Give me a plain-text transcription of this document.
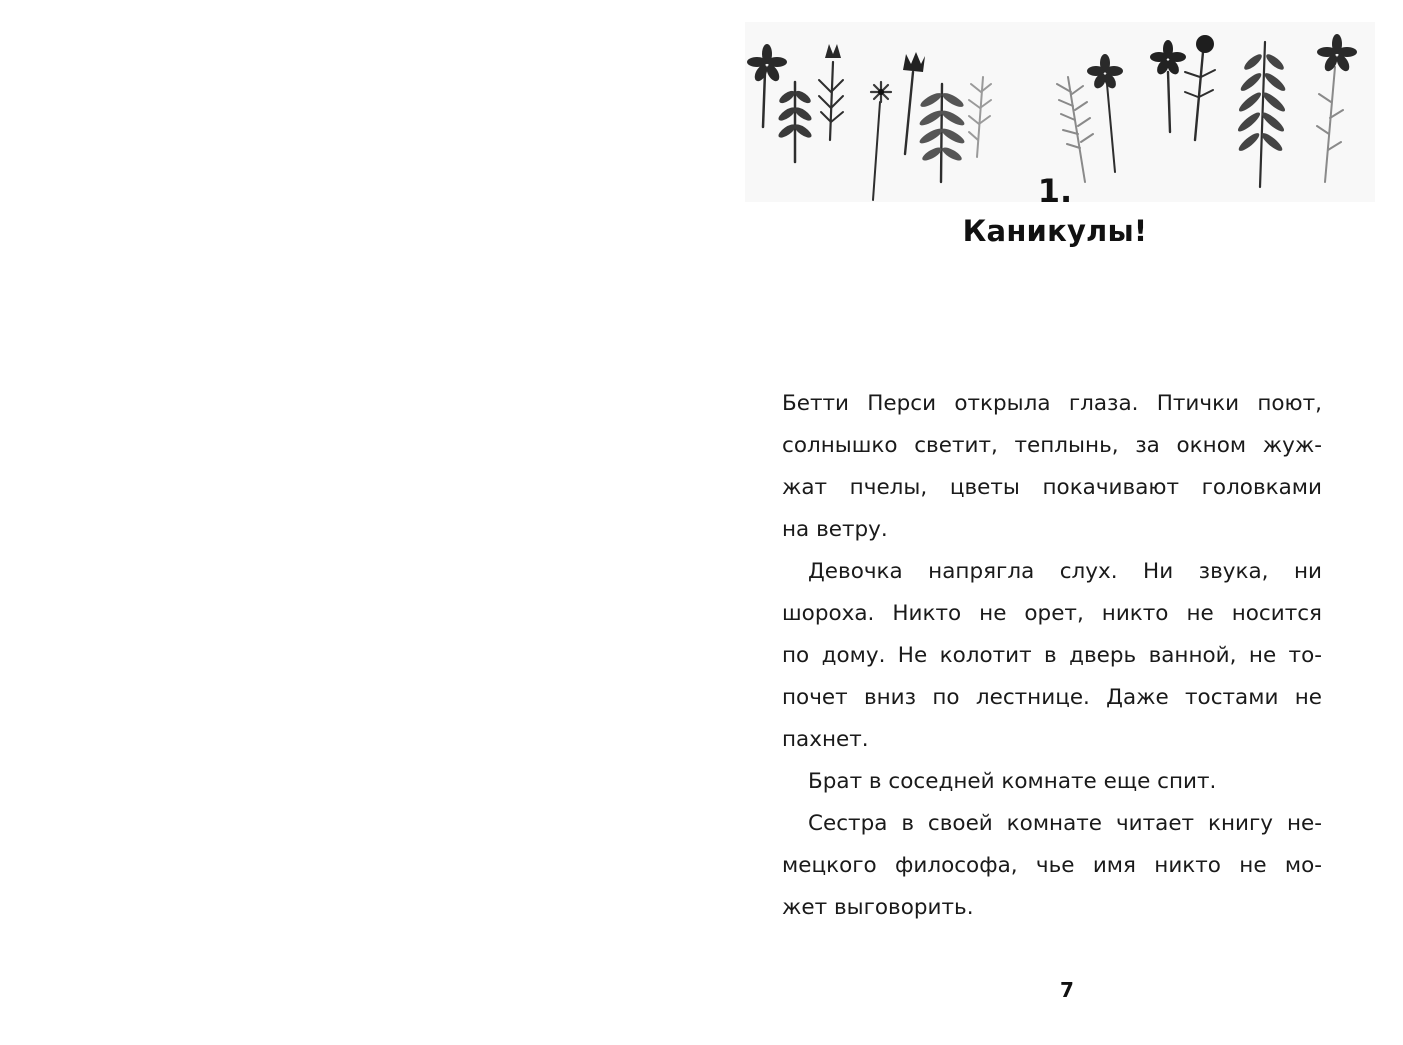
1.
Каникулы!
Бетти Перси открыла глаза. Птички поют,
солнышко светит, теплынь, за окном жуж-
жат пчелы, цветы покачивают головками
на ветру.
Девочка напрягла слух. Ни звука, ни
шороха. Никто не орет, никто не носится
по дому. Не колотит в дверь ванной, не то-
почет вниз по лестнице. Даже тостами не
пахнет.
Брат в соседней комнате еще спит.
Сестра в своей комнате читает книгу не-
мецкого философа, чье имя никто не мо-
жет выговорить.
7
